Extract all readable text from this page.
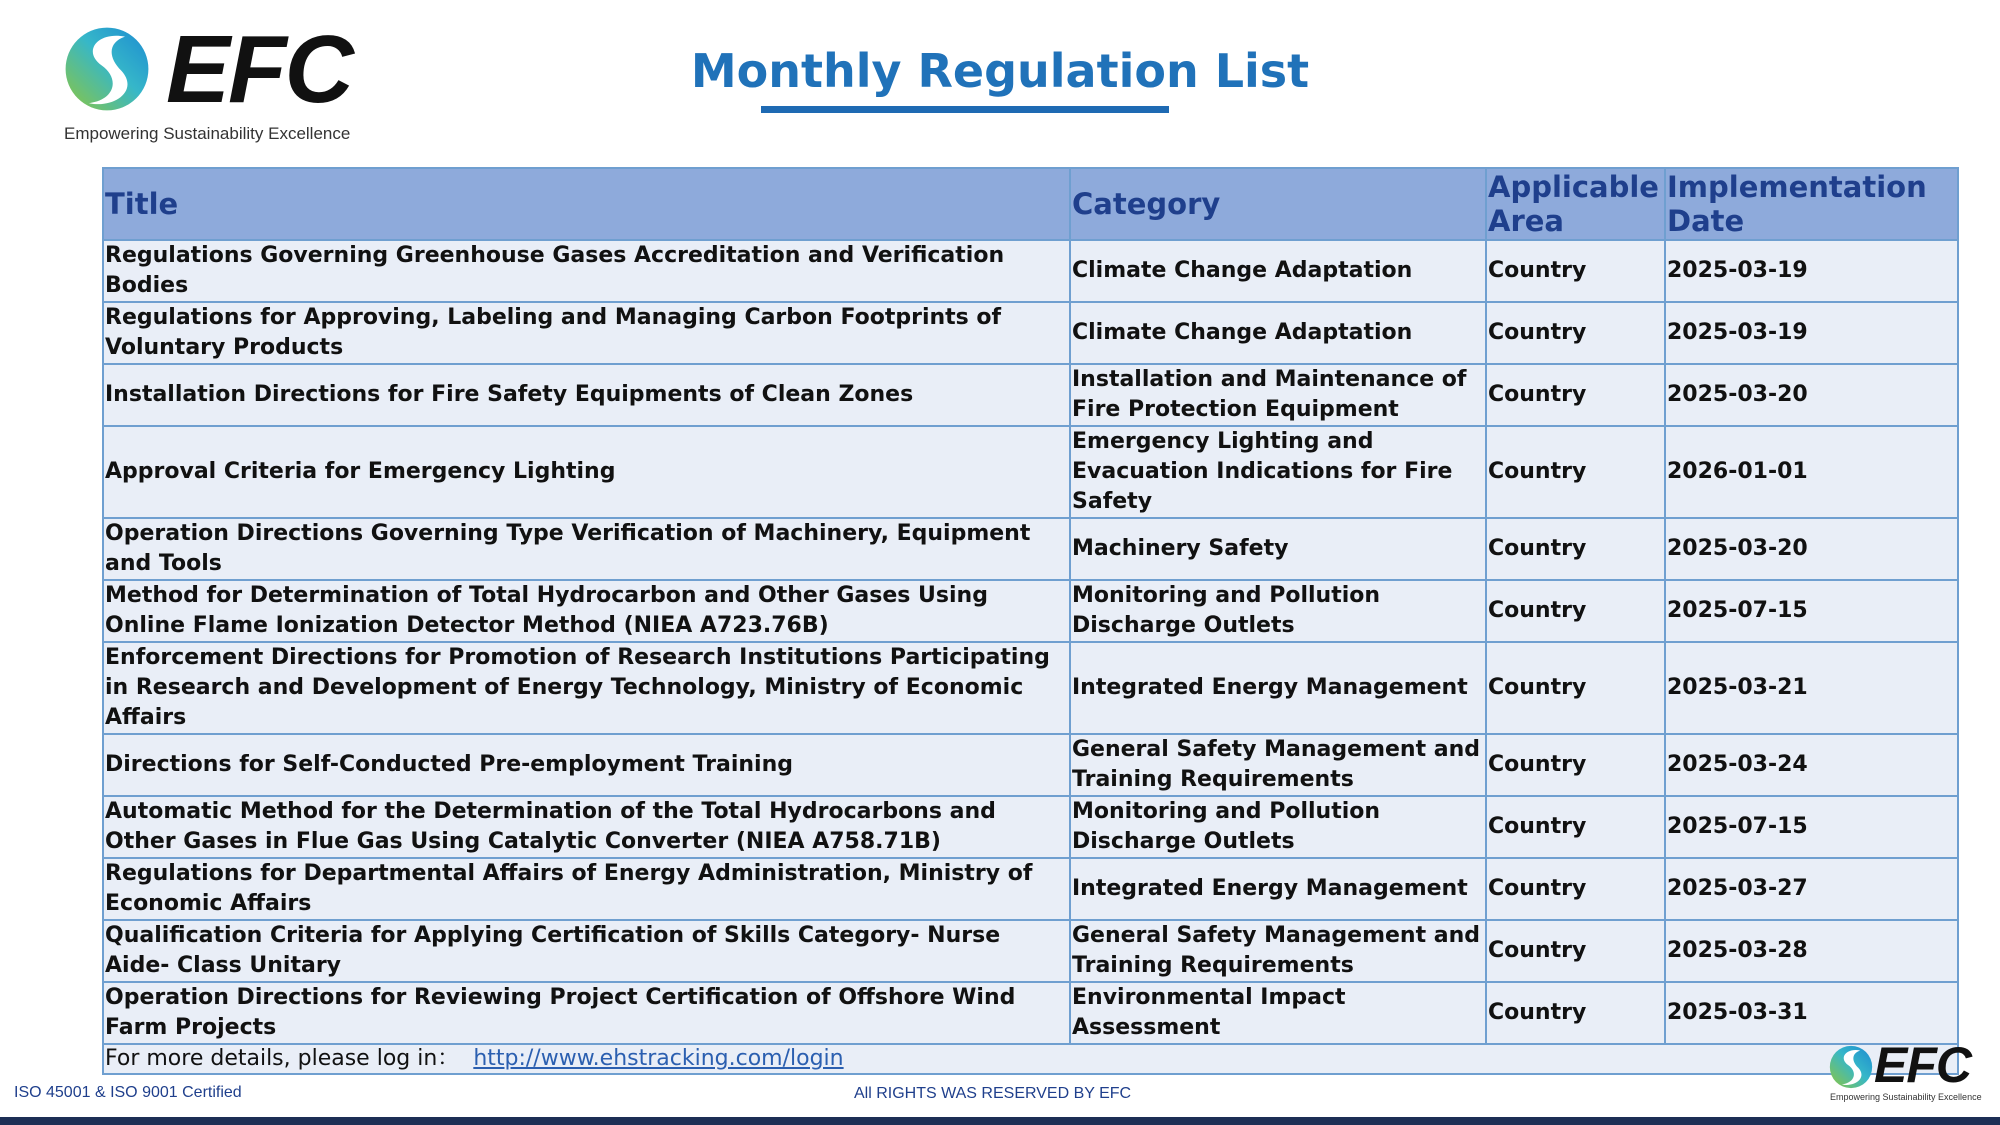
EFC
Empowering Sustainability Excellence
Monthly Regulation List
Title	Category	Applicable Area	Implementation Date
Regulations Governing Greenhouse Gases Accreditation and Verification Bodies	Climate Change Adaptation	Country	2025-03-19
Regulations for Approving, Labeling and Managing Carbon Footprints of Voluntary Products	Climate Change Adaptation	Country	2025-03-19
Installation Directions for Fire Safety Equipments of Clean Zones	Installation and Maintenance of Fire Protection Equipment	Country	2025-03-20
Approval Criteria for Emergency Lighting	Emergency Lighting and Evacuation Indications for Fire Safety	Country	2026-01-01
Operation Directions Governing Type Verification of Machinery, Equipment and Tools	Machinery Safety	Country	2025-03-20
Method for Determination of Total Hydrocarbon and Other Gases Using Online Flame Ionization Detector Method (NIEA A723.76B)	Monitoring and Pollution Discharge Outlets	Country	2025-07-15
Enforcement Directions for Promotion of Research Institutions Participating in Research and Development of Energy Technology, Ministry of Economic Affairs	Integrated Energy Management	Country	2025-03-21
Directions for Self-Conducted Pre-employment Training	General Safety Management and Training Requirements	Country	2025-03-24
Automatic Method for the Determination of the Total Hydrocarbons and Other Gases in Flue Gas Using Catalytic Converter (NIEA A758.71B)	Monitoring and Pollution Discharge Outlets	Country	2025-07-15
Regulations for Departmental Affairs of Energy Administration, Ministry of Economic Affairs	Integrated Energy Management	Country	2025-03-27
Qualification Criteria for Applying Certification of Skills Category- Nurse Aide- Class Unitary	General Safety Management and Training Requirements	Country	2025-03-28
Operation Directions for Reviewing Project Certification of Offshore Wind Farm Projects	Environmental Impact Assessment	Country	2025-03-31
For more details, please log in： http://www.ehstracking.com/login			
ISO 45001 & ISO 9001 Certified	All RIGHTS WAS RESERVED BY EFC
EFC
Empowering Sustainability Excellence
